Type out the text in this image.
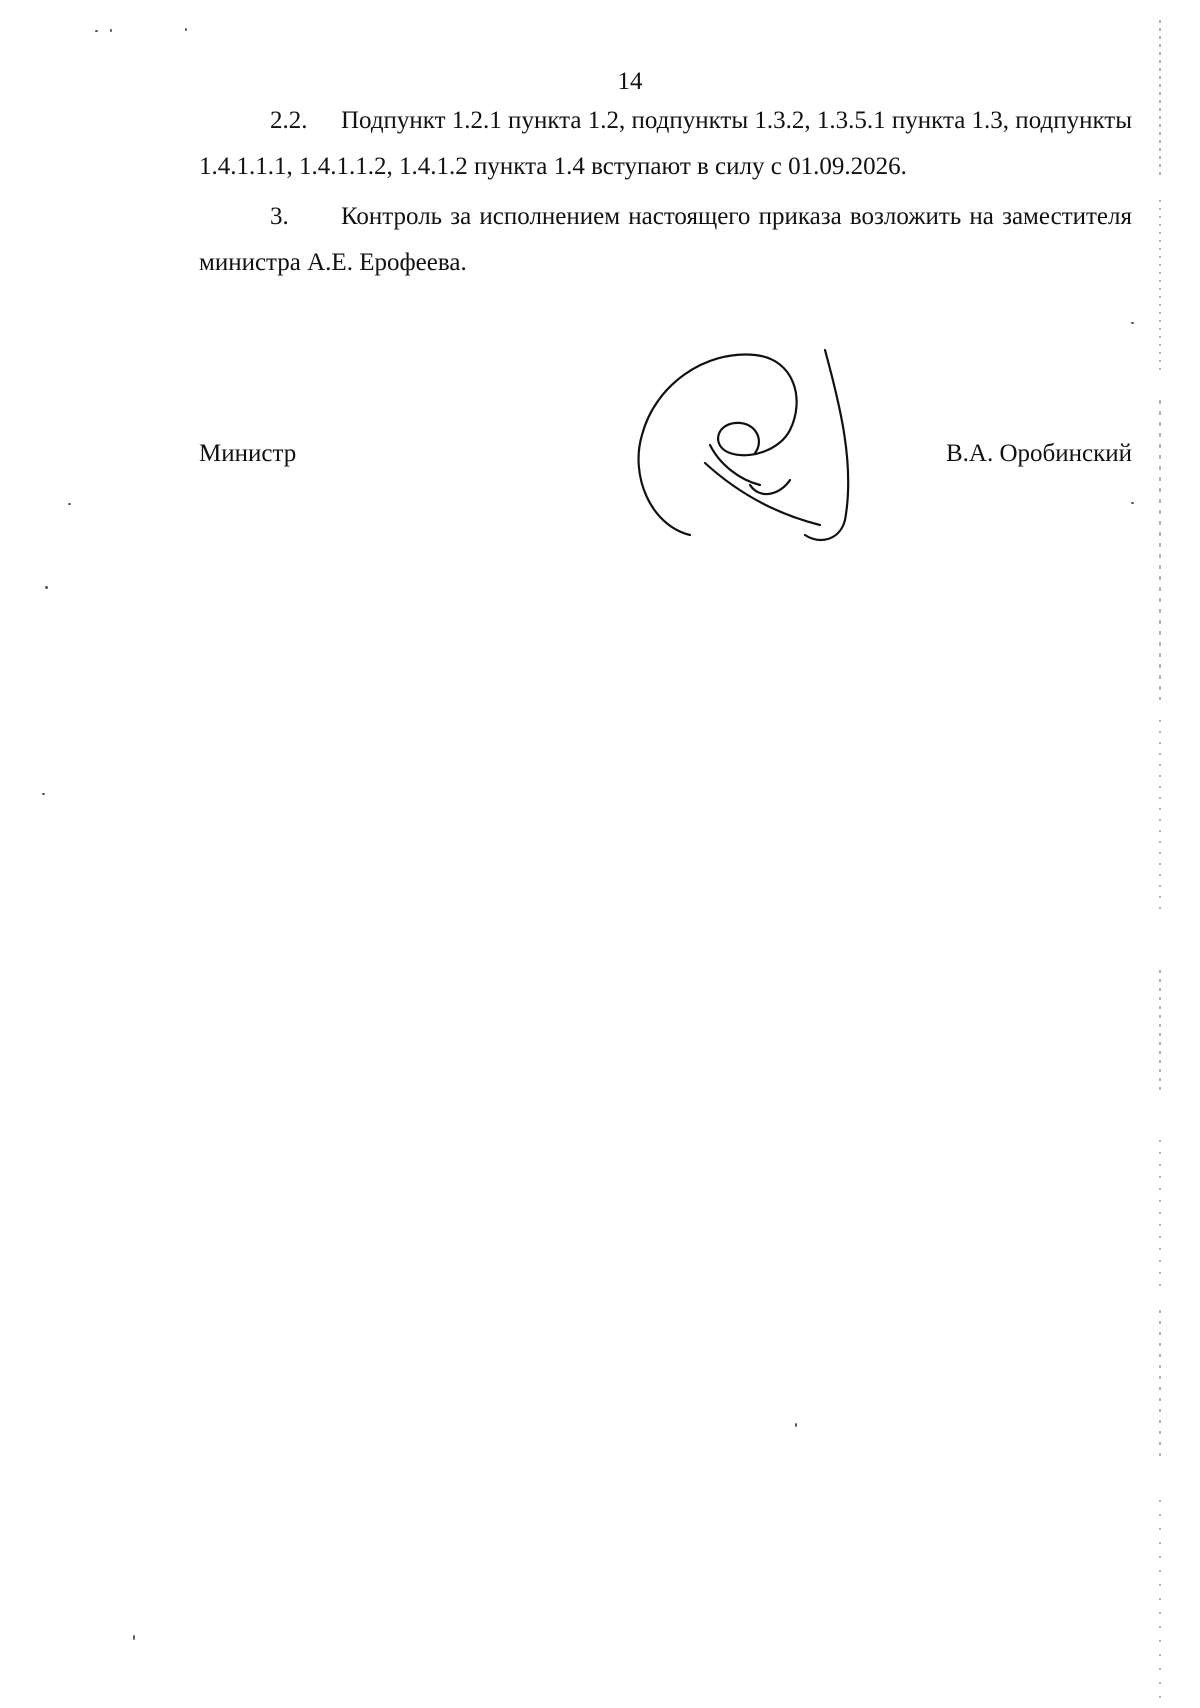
14

2.2. Подпункт 1.2.1 пункта 1.2, подпункты 1.3.2, 1.3.5.1 пункта 1.3, подпункты 1.4.1.1.1, 1.4.1.1.2, 1.4.1.2 пункта 1.4 вступают в силу с 01.09.2026.

3. Контроль за исполнением настоящего приказа возложить на заместителя министра А.Е. Ерофеева.

Министр	В.А. Оробинский
